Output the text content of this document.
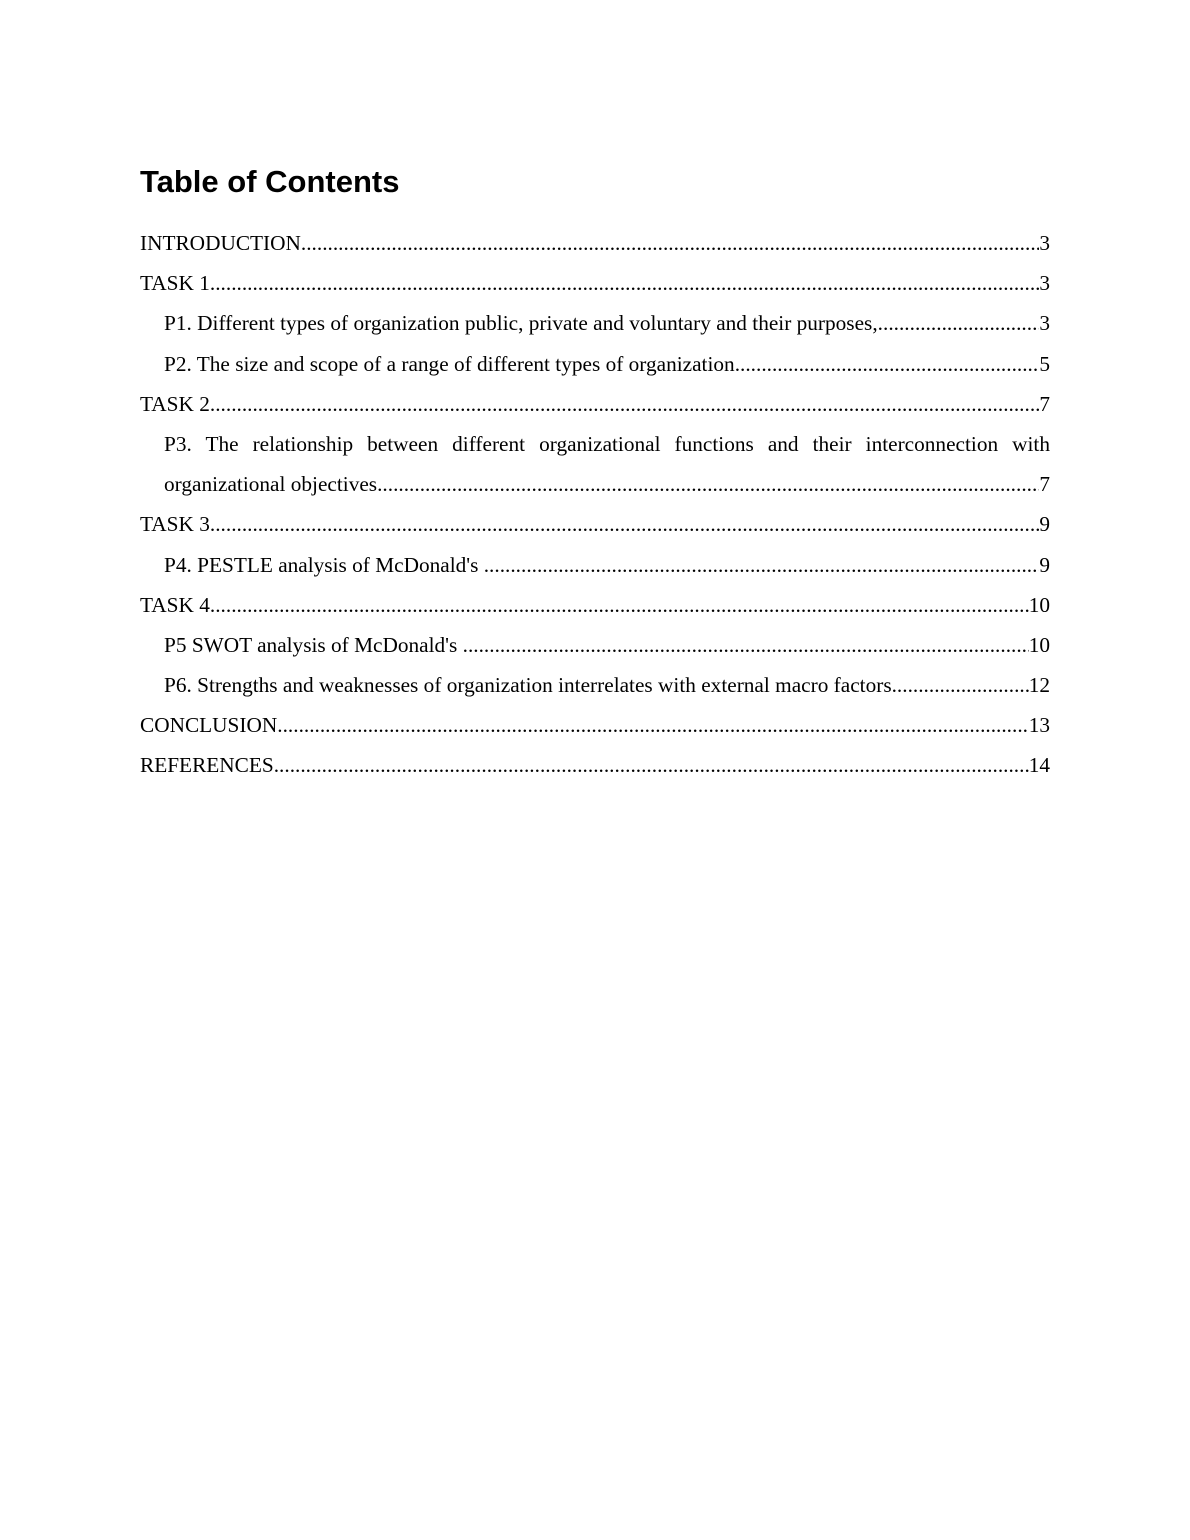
Table of Contents
INTRODUCTION .....	3
TASK 1 .....	3
P1. Different types of organization public, private and voluntary and their purposes, .....	3
P2. The size and scope of a range of different types of organization .....	5
TASK 2 .....	7
P3. The relationship between different organizational functions and their interconnection with
organizational objectives .....	7
TASK 3 .....	9
P4. PESTLE analysis of McDonald's .....	9
TASK 4 .....	10
P5 SWOT analysis of McDonald's .....	10
P6. Strengths and weaknesses of organization interrelates with external macro factors .....	12
CONCLUSION .....	13
REFERENCES .....	14
